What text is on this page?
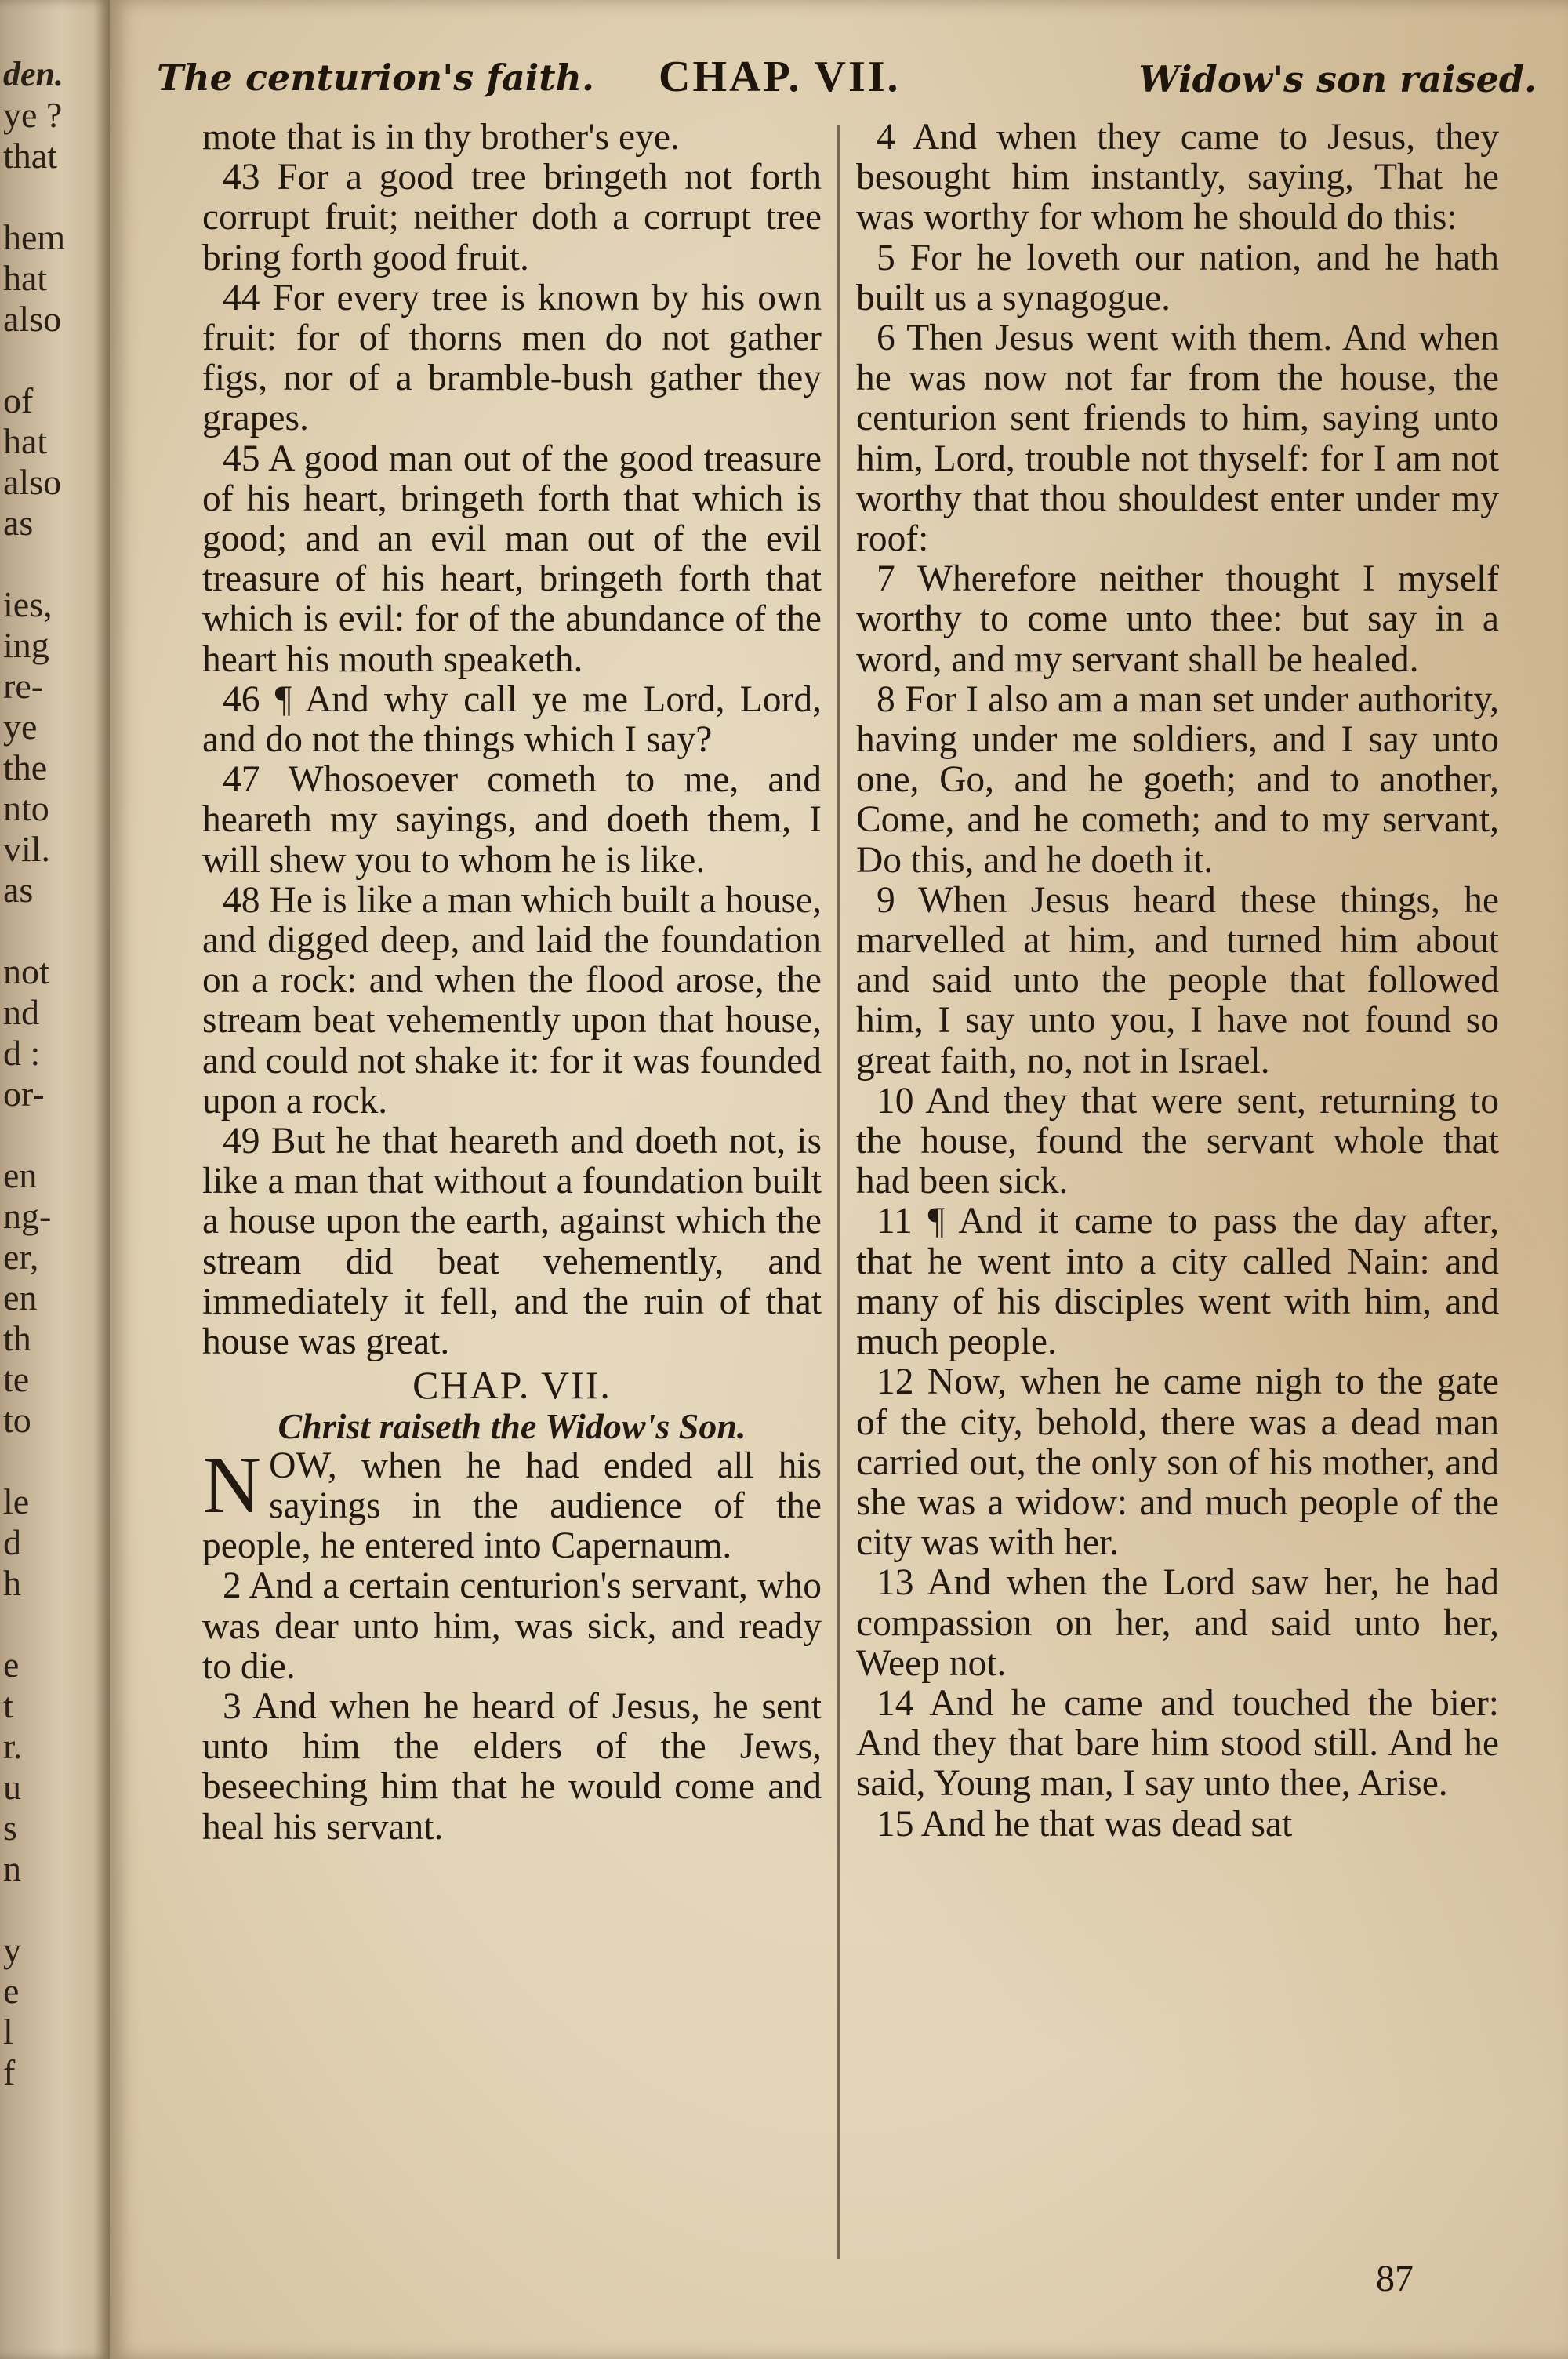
den.
ye ?
that
hem
hat
also
of
hat
also
as
ies,
ing
re-
ye
the
nto
vil.
as
not
nd
d :
or-
en
ng-
er,
en
th
te
to
le
d
h
e
t
r.
u
s
n
y
e
l
f
The centurion's faith. CHAP. VII.	Widow's son raised.

mote that is in thy brother's eye.

43 For a good tree bringeth not forth corrupt fruit; neither doth a corrupt tree bring forth good fruit.

44 For every tree is known by his own fruit: for of thorns men do not gather figs, nor of a bramble-bush gather they grapes.

45 A good man out of the good treasure of his heart, bringeth forth that which is good; and an evil man out of the evil treasure of his heart, bringeth forth that which is evil: for of the abundance of the heart his mouth speaketh.

46 ¶ And why call ye me Lord, Lord, and do not the things which I say?

47 Whosoever cometh to me, and heareth my sayings, and doeth them, I will shew you to whom he is like.

48 He is like a man which built a house, and digged deep, and laid the foundation on a rock: and when the flood arose, the stream beat vehemently upon that house, and could not shake it: for it was founded upon a rock.

49 But he that heareth and doeth not, is like a man that without a foundation built a house upon the earth, against which the stream did beat vehemently, and immediately it fell, and the ruin of that house was great.

CHAP. VII.

Christ raiseth the Widow's Son.

NOW, when he had ended all his sayings in the audience of the people, he entered into Capernaum.

2 And a certain centurion's servant, who was dear unto him, was sick, and ready to die.

3 And when he heard of Jesus, he sent unto him the elders of the Jews, beseeching him that he would come and heal his servant.

4 And when they came to Jesus, they besought him instantly, saying, That he was worthy for whom he should do this:

5 For he loveth our nation, and he hath built us a synagogue.

6 Then Jesus went with them. And when he was now not far from the house, the centurion sent friends to him, saying unto him, Lord, trouble not thyself: for I am not worthy that thou shouldest enter under my roof:

7 Wherefore neither thought I myself worthy to come unto thee: but say in a word, and my servant shall be healed.

8 For I also am a man set under authority, having under me soldiers, and I say unto one, Go, and he goeth; and to another, Come, and he cometh; and to my servant, Do this, and he doeth it.

9 When Jesus heard these things, he marvelled at him, and turned him about and said unto the people that followed him, I say unto you, I have not found so great faith, no, not in Israel.

10 And they that were sent, returning to the house, found the servant whole that had been sick.

11 ¶ And it came to pass the day after, that he went into a city called Nain: and many of his disciples went with him, and much people.

12 Now, when he came nigh to the gate of the city, behold, there was a dead man carried out, the only son of his mother, and she was a widow: and much people of the city was with her.

13 And when the Lord saw her, he had compassion on her, and said unto her, Weep not.

14 And he came and touched the bier: And they that bare him stood still. And he said, Young man, I say unto thee, Arise.

15 And he that was dead sat

87
